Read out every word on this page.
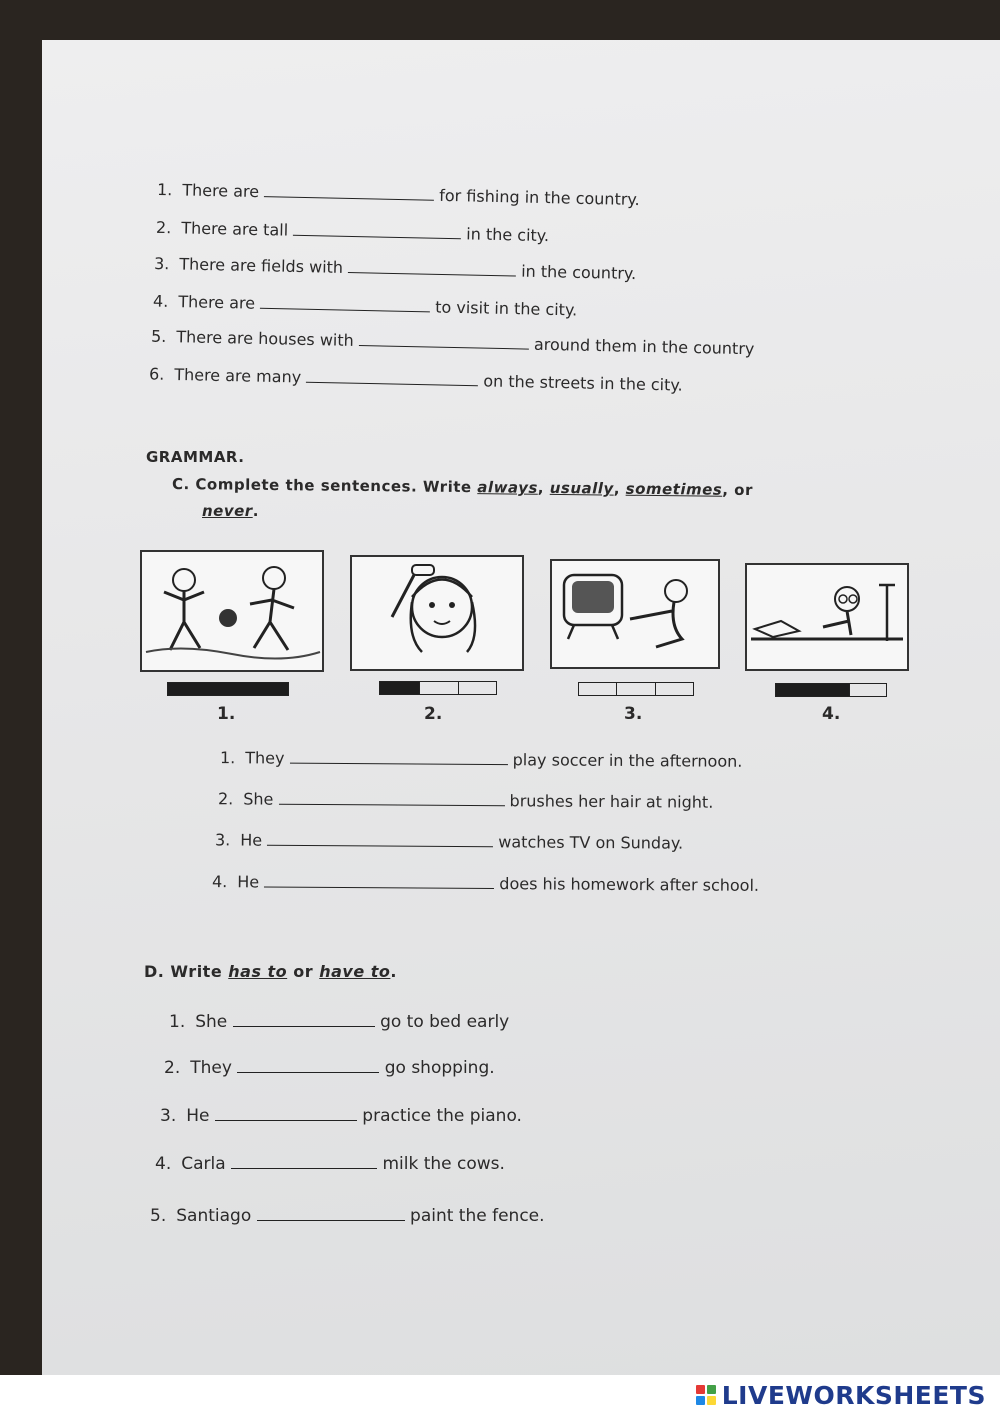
1. There are	for fishing in the country.
2. There are tall	in the city.
3. There are fields with	in the country.
4. There are	to visit in the city.
5. There are houses with	around them in the country
6. There are many	on the streets in the city.
GRAMMAR.
C. Complete the sentences. Write always, usually, sometimes, or
never.
1.	2.	3.	4.
1. They	play soccer in the afternoon.
2. She	brushes her hair at night.
3. He	watches TV on Sunday.
4. He	does his homework after school.
D. Write has to or have to.
1. She	go to bed early
2. They	go shopping.
3. He	practice the piano.
4. Carla	milk the cows.
5. Santiago	paint the fence.
LIVEWORKSHEETS
